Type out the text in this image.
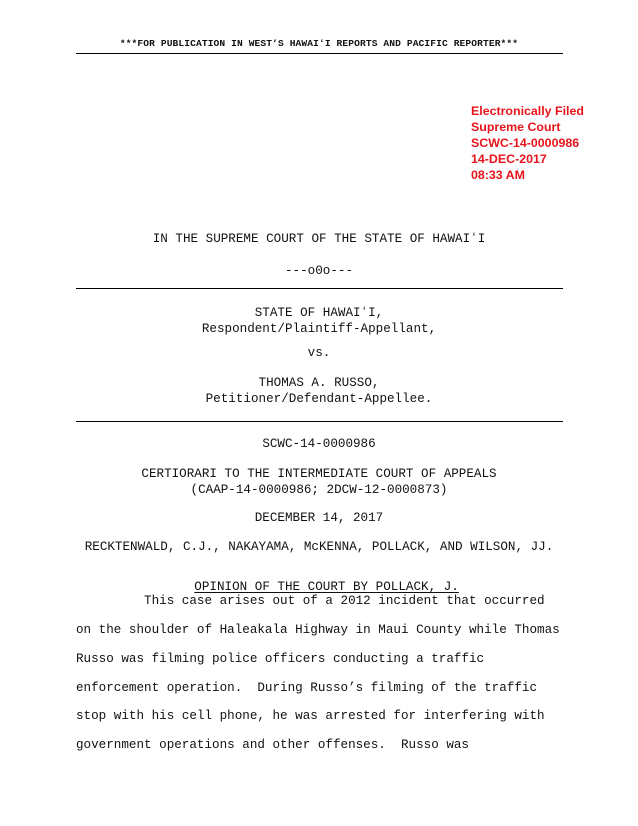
***FOR PUBLICATION IN WEST’S HAWAIʻI REPORTS AND PACIFIC REPORTER***
Electronically Filed
Supreme Court
SCWC-14-0000986
14-DEC-2017
08:33 AM
IN THE SUPREME COURT OF THE STATE OF HAWAIʻI
---o0o---
STATE OF HAWAIʻI,
Respondent/Plaintiff-Appellant,
vs.
THOMAS A. RUSSO,
Petitioner/Defendant-Appellee.
SCWC-14-0000986
CERTIORARI TO THE INTERMEDIATE COURT OF APPEALS
(CAAP-14-0000986; 2DCW-12-0000873)
DECEMBER 14, 2017
RECKTENWALD, C.J., NAKAYAMA, McKENNA, POLLACK, AND WILSON, JJ.

OPINION OF THE COURT BY POLLACK, J.

This case arises out of a 2012 incident that occurred
on the shoulder of Haleakala Highway in Maui County while Thomas
Russo was filming police officers conducting a traffic
enforcement operation.  During Russo’s filming of the traffic
stop with his cell phone, he was arrested for interfering with
government operations and other offenses.  Russo was
